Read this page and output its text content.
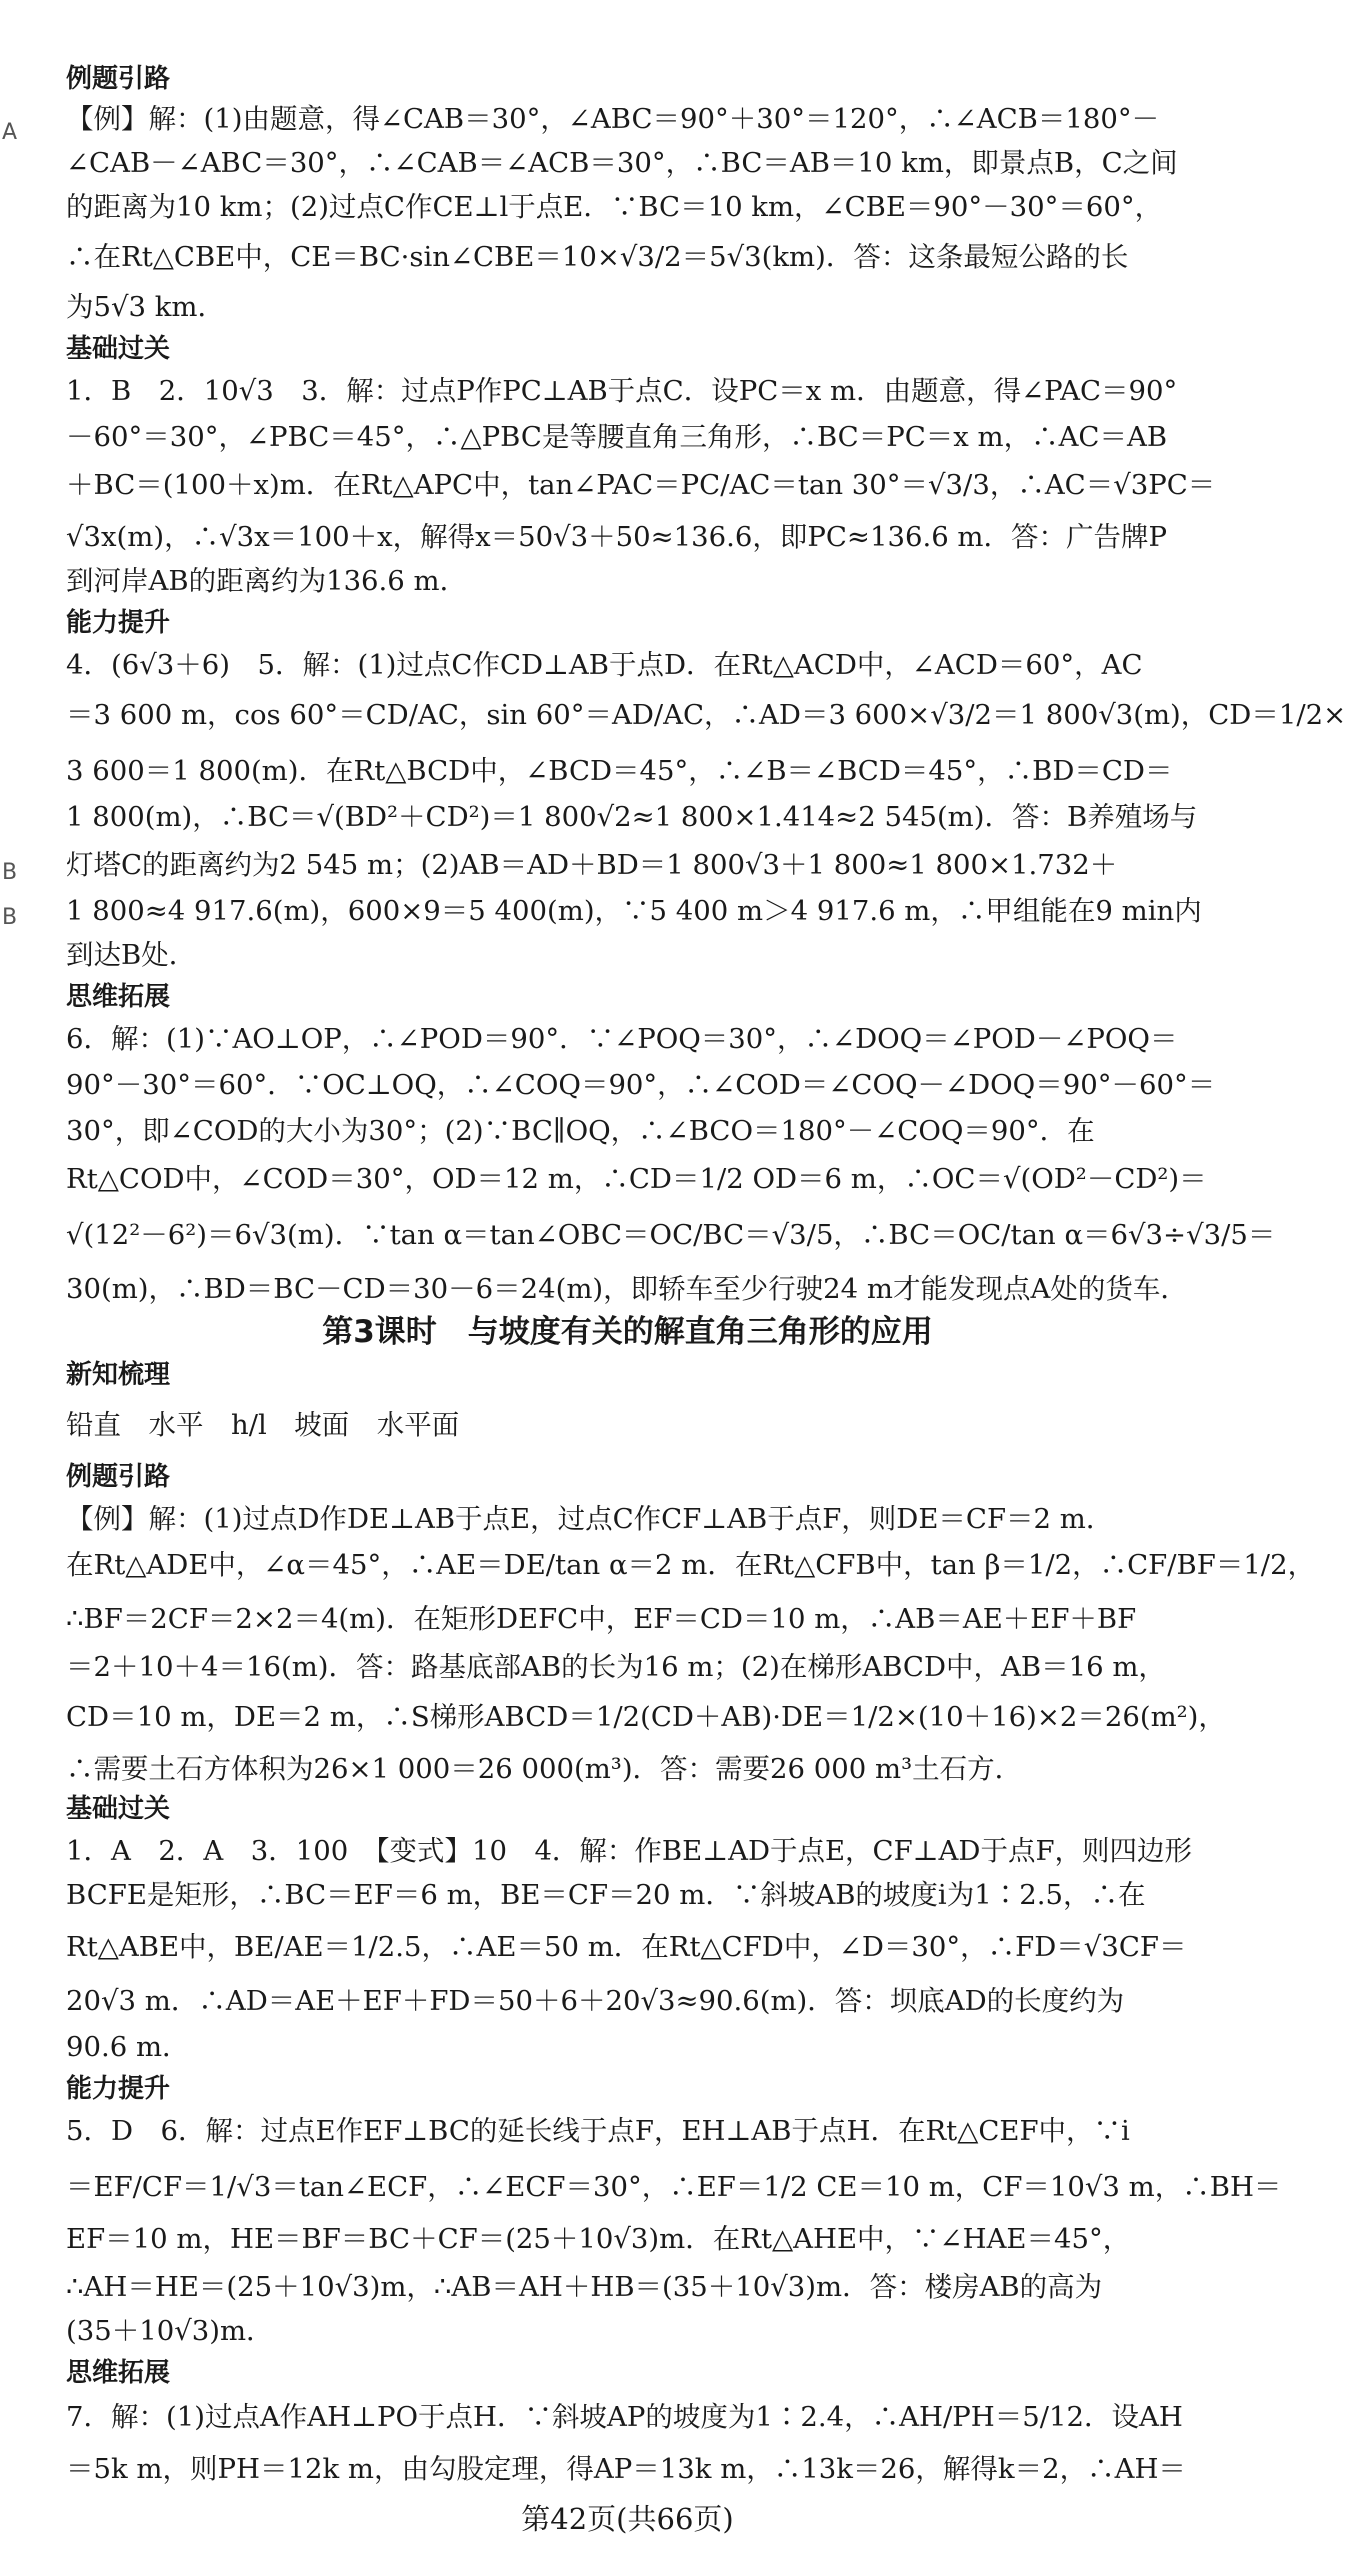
A
B
B
例题引路
【例】解：(1)由题意，得∠CAB＝30°，∠ABC＝90°＋30°＝120°，∴∠ACB＝180°－
∠CAB－∠ABC＝30°，∴∠CAB＝∠ACB＝30°，∴BC＝AB＝10 km，即景点B，C之间
的距离为10 km；(2)过点C作CE⊥l于点E．∵BC＝10 km，∠CBE＝90°－30°＝60°，
∴在Rt△CBE中，CE＝BC·sin∠CBE＝10×√3/2＝5√3(km)．答：这条最短公路的长
为5√3 km．
基础过关
1．B　2．10√3　3．解：过点P作PC⊥AB于点C．设PC＝x m．由题意，得∠PAC＝90°
－60°＝30°，∠PBC＝45°，∴△PBC是等腰直角三角形，∴BC＝PC＝x m，∴AC＝AB
＋BC＝(100＋x)m．在Rt△APC中，tan∠PAC＝PC/AC＝tan 30°＝√3/3，∴AC＝√3PC＝
√3x(m)，∴√3x＝100＋x，解得x＝50√3＋50≈136.6，即PC≈136.6 m．答：广告牌P
到河岸AB的距离约为136.6 m．
能力提升
4．(6√3＋6)　5．解：(1)过点C作CD⊥AB于点D．在Rt△ACD中，∠ACD＝60°，AC
＝3 600 m，cos 60°＝CD/AC，sin 60°＝AD/AC，∴AD＝3 600×√3/2＝1 800√3(m)，CD＝1/2×
3 600＝1 800(m)．在Rt△BCD中，∠BCD＝45°，∴∠B＝∠BCD＝45°，∴BD＝CD＝
1 800(m)，∴BC＝√(BD²＋CD²)＝1 800√2≈1 800×1.414≈2 545(m)．答：B养殖场与
灯塔C的距离约为2 545 m；(2)AB＝AD＋BD＝1 800√3＋1 800≈1 800×1.732＋
1 800≈4 917.6(m)，600×9＝5 400(m)，∵5 400 m＞4 917.6 m，∴甲组能在9 min内
到达B处．
思维拓展
6．解：(1)∵AO⊥OP，∴∠POD＝90°．∵∠POQ＝30°，∴∠DOQ＝∠POD－∠POQ＝
90°－30°＝60°．∵OC⊥OQ，∴∠COQ＝90°，∴∠COD＝∠COQ－∠DOQ＝90°－60°＝
30°，即∠COD的大小为30°；(2)∵BC∥OQ，∴∠BCO＝180°－∠COQ＝90°．在
Rt△COD中，∠COD＝30°，OD＝12 m，∴CD＝1/2 OD＝6 m，∴OC＝√(OD²－CD²)＝
√(12²－6²)＝6√3(m)．∵tan α＝tan∠OBC＝OC/BC＝√3/5，∴BC＝OC/tan α＝6√3÷√3/5＝
30(m)，∴BD＝BC－CD＝30－6＝24(m)，即轿车至少行驶24 m才能发现点A处的货车．
第3课时　与坡度有关的解直角三角形的应用
新知梳理
铅直　水平　h/l　坡面　水平面
例题引路
【例】解：(1)过点D作DE⊥AB于点E，过点C作CF⊥AB于点F，则DE＝CF＝2 m．
在Rt△ADE中，∠α＝45°，∴AE＝DE/tan α＝2 m．在Rt△CFB中，tan β＝1/2，∴CF/BF＝1/2，
∴BF＝2CF＝2×2＝4(m)．在矩形DEFC中，EF＝CD＝10 m，∴AB＝AE＋EF＋BF
＝2＋10＋4＝16(m)．答：路基底部AB的长为16 m；(2)在梯形ABCD中，AB＝16 m，
CD＝10 m，DE＝2 m，∴S梯形ABCD＝1/2(CD＋AB)·DE＝1/2×(10＋16)×2＝26(m²)，
∴需要土石方体积为26×1 000＝26 000(m³)．答：需要26 000 m³土石方．
基础过关
1．A　2．A　3．100　【变式】10　4．解：作BE⊥AD于点E，CF⊥AD于点F，则四边形
BCFE是矩形，∴BC＝EF＝6 m，BE＝CF＝20 m．∵斜坡AB的坡度i为1∶2.5，∴在
Rt△ABE中，BE/AE＝1/2.5，∴AE＝50 m．在Rt△CFD中，∠D＝30°，∴FD＝√3CF＝
20√3 m．∴AD＝AE＋EF＋FD＝50＋6＋20√3≈90.6(m)．答：坝底AD的长度约为
90.6 m．
能力提升
5．D　6．解：过点E作EF⊥BC的延长线于点F，EH⊥AB于点H．在Rt△CEF中，∵i
＝EF/CF＝1/√3＝tan∠ECF，∴∠ECF＝30°，∴EF＝1/2 CE＝10 m，CF＝10√3 m，∴BH＝
EF＝10 m，HE＝BF＝BC＋CF＝(25＋10√3)m．在Rt△AHE中，∵∠HAE＝45°，
∴AH＝HE＝(25＋10√3)m，∴AB＝AH＋HB＝(35＋10√3)m．答：楼房AB的高为
(35＋10√3)m．
思维拓展
7．解：(1)过点A作AH⊥PO于点H．∵斜坡AP的坡度为1∶2.4，∴AH/PH＝5/12．设AH
＝5k m，则PH＝12k m，由勾股定理，得AP＝13k m，∴13k＝26，解得k＝2，∴AH＝
第42页(共66页)
